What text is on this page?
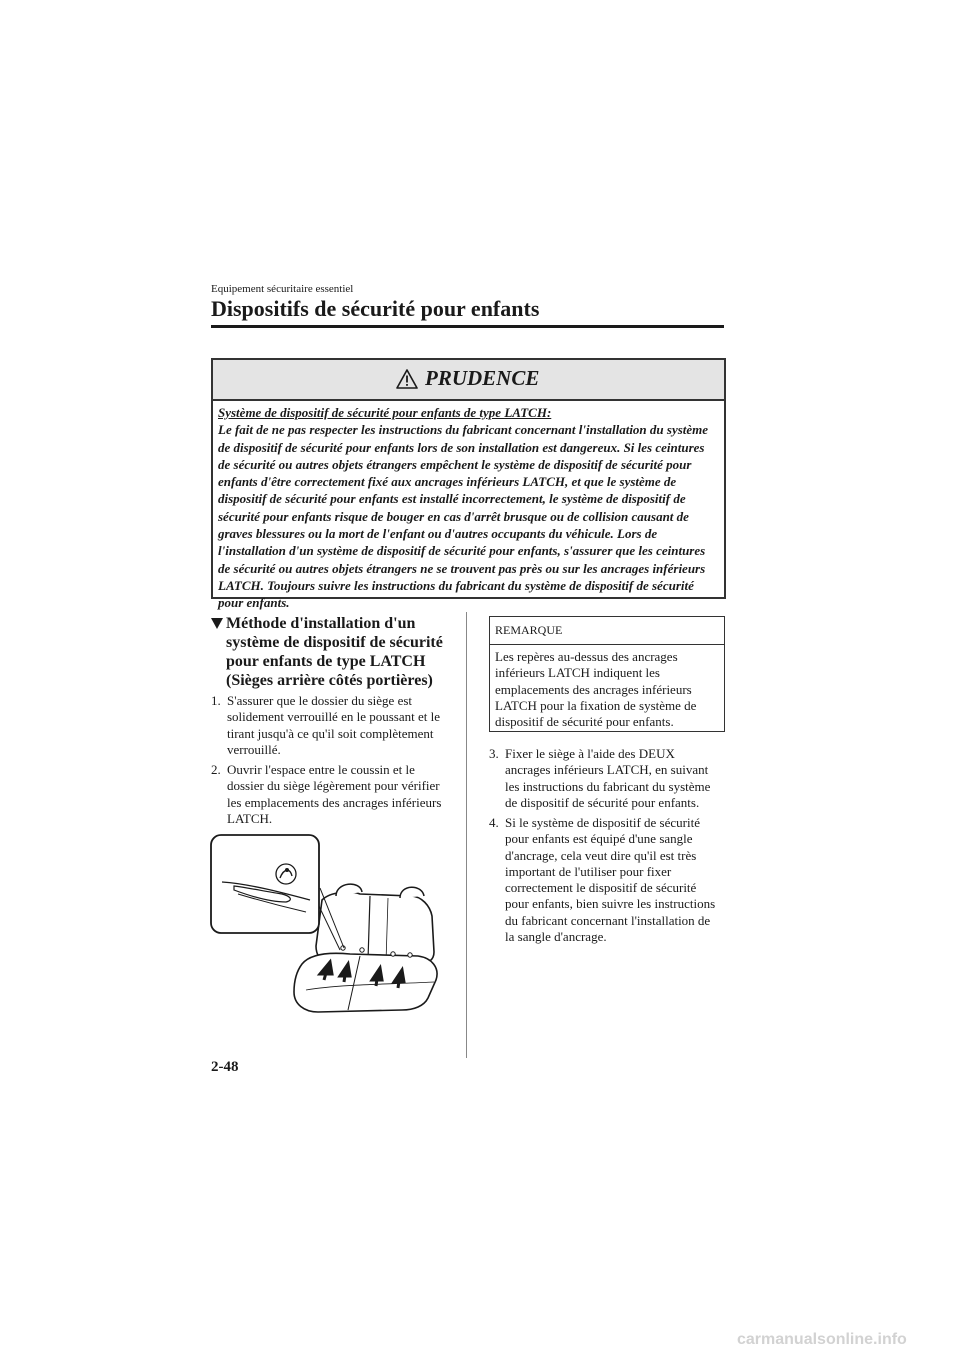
Equipement sécuritaire essentiel
Dispositifs de sécurité pour enfants
PRUDENCE
Système de dispositif de sécurité pour enfants de type LATCH:
Le fait de ne pas respecter les instructions du fabricant concernant l'installation du système de dispositif de sécurité pour enfants lors de son installation est dangereux. Si les ceintures de sécurité ou autres objets étrangers empêchent le système de dispositif de sécurité pour enfants d'être correctement fixé aux ancrages inférieurs LATCH, et que le système de dispositif de sécurité pour enfants est installé incorrectement, le système de dispositif de sécurité pour enfants risque de bouger en cas d'arrêt brusque ou de collision causant de graves blessures ou la mort de l'enfant ou d'autres occupants du véhicule. Lors de l'installation d'un système de dispositif de sécurité pour enfants, s'assurer que les ceintures de sécurité ou autres objets étrangers ne se trouvent pas près ou sur les ancrages inférieurs LATCH. Toujours suivre les instructions du fabricant du système de dispositif de sécurité pour enfants.
Méthode d'installation d'un système de dispositif de sécurité pour enfants de type LATCH (Sièges arrière côtés portières)
1. S'assurer que le dossier du siège est solidement verrouillé en le poussant et le tirant jusqu'à ce qu'il soit complètement verrouillé.
2. Ouvrir l'espace entre le coussin et le dossier du siège légèrement pour vérifier les emplacements des ancrages inférieurs LATCH.
REMARQUE
Les repères au-dessus des ancrages inférieurs LATCH indiquent les emplacements des ancrages inférieurs LATCH pour la fixation de système de dispositif de sécurité pour enfants.
3. Fixer le siège à l'aide des DEUX ancrages inférieurs LATCH, en suivant les instructions du fabricant du système de dispositif de sécurité pour enfants.
4. Si le système de dispositif de sécurité pour enfants est équipé d'une sangle d'ancrage, cela veut dire qu'il est très important de l'utiliser pour fixer correctement le dispositif de sécurité pour enfants, bien suivre les instructions du fabricant concernant l'installation de la sangle d'ancrage.
2-48
carmanualsonline.info
